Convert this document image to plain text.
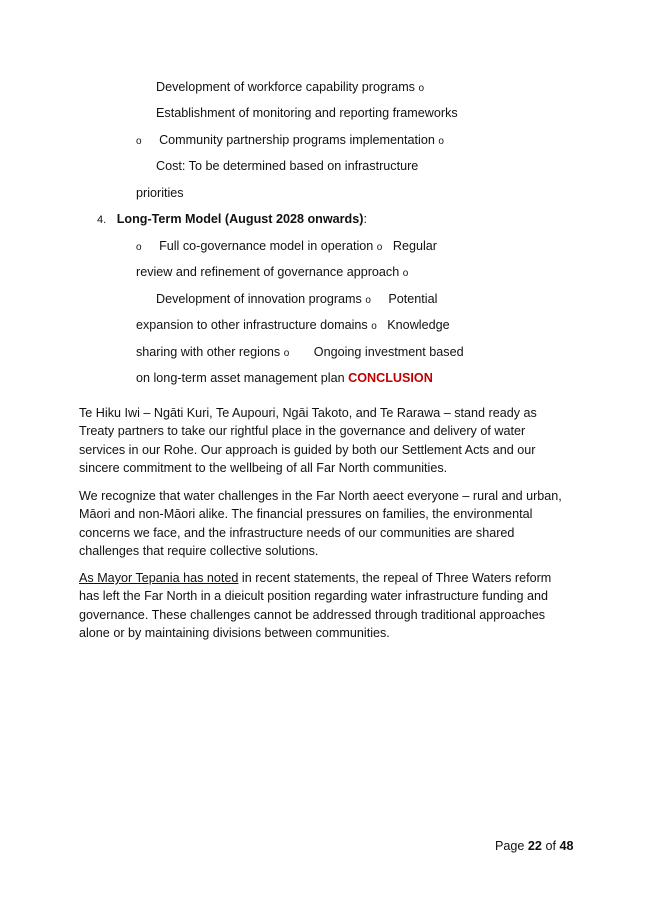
Development of workforce capability programs o
Establishment of monitoring and reporting frameworks
o Community partnership programs implementation o
Cost: To be determined based on infrastructure
priorities
4. Long-Term Model (August 2028 onwards):
o Full co-governance model in operation o Regular
review and refinement of governance approach o
Development of innovation programs o Potential
expansion to other infrastructure domains o Knowledge
sharing with other regions o Ongoing investment based
on long-term asset management plan CONCLUSION

Te Hiku Iwi – Ngāti Kuri, Te Aupouri, Ngāi Takoto, and Te Rarawa – stand ready as Treaty partners to take our rightful place in the governance and delivery of water services in our Rohe. Our approach is guided by both our Settlement Acts and our sincere commitment to the wellbeing of all Far North communities.

We recognize that water challenges in the Far North aeect everyone – rural and urban, Māori and non-Māori alike. The financial pressures on families, the environmental concerns we face, and the infrastructure needs of our communities are shared challenges that require collective solutions.

As Mayor Tepania has noted in recent statements, the repeal of Three Waters reform has left the Far North in a dieicult position regarding water infrastructure funding and governance. These challenges cannot be addressed through traditional approaches alone or by maintaining divisions between communities.

Page 22 of 48
